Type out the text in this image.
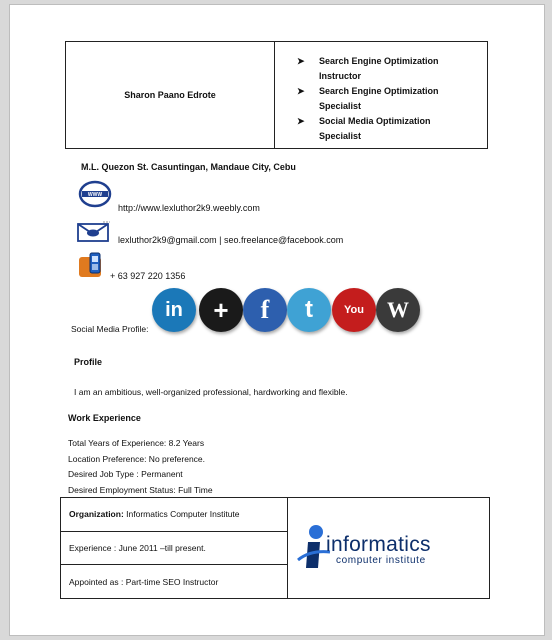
Sharon Paano Edrote
➤	Search Engine Optimization
Instructor
➤	Search Engine Optimization
Specialist
➤	Social Media Optimization
Specialist
M.L. Quezon St. Casuntingan, Mandaue City, Cebu
WWW
http://www.lexluthor2k9.weebly.com
lexluthor2k9@gmail.com | seo.freelance@facebook.com
+ 63 927 220 1356
Social Media Profile:
in + f t	You W
Profile
I am an ambitious, well-organized professional, hardworking and flexible.
Work Experience
Total Years of Experience: 8.2 Years
Location Preference: No preference.
Desired Job Type : Permanent
Desired Employment Status: Full Time
Organization: Informatics Computer Institute
Experience : June 2011 –till present.
Appointed as : Part-time SEO Instructor
informatics
computer institute
